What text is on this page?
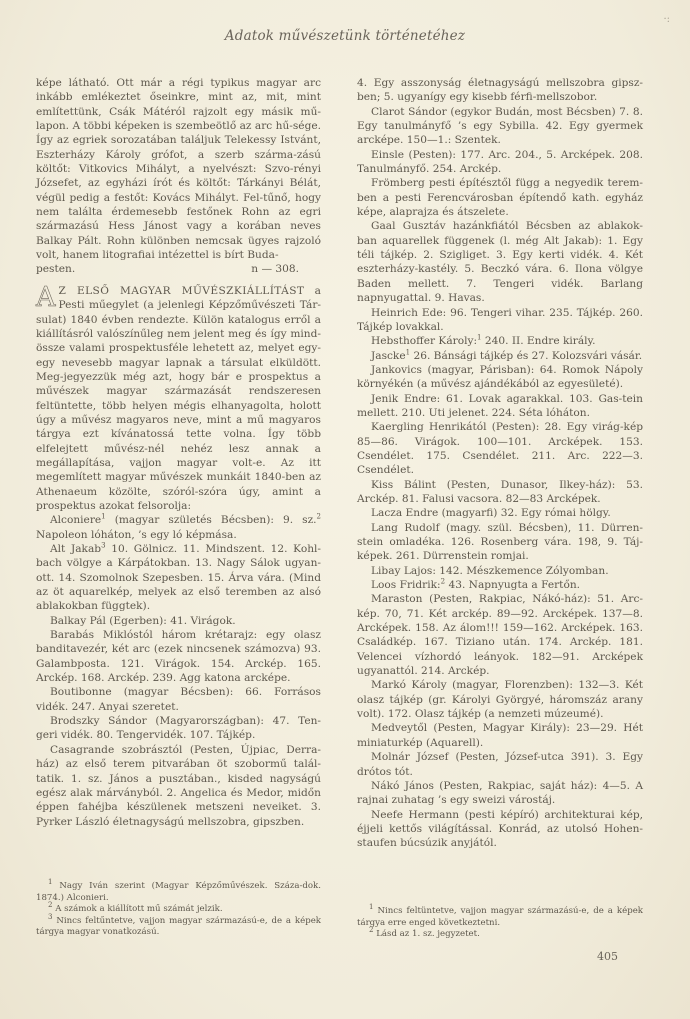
·:
Adatok művészetünk történetéhez

képe látható. Ott már a régi typikus magyar arc inkább emlékeztet őseinkre, mint az, mit, mint említettünk, Csák Mátéról rajzolt egy másik mű-lapon. A többi képeken is szembeötlő az arc hű-sége. Így az egriek sorozatában találjuk Telekessy Istvánt, Eszterházy Károly grófot, a szerb szárma-zású költőt: Vitkovics Mihályt, a nyelvészt: Szvo-rényi Józsefet, az egyházi írót és költőt: Tárkányi Bélát, végül pedig a festőt: Kovács Mihályt. Fel-tűnő, hogy nem találta érdemesebb festőnek Rohn az egri származású Hess Jánost vagy a korában neves Balkay Pált. Rohn különben nemcsak ügyes rajzoló volt, hanem litografiai intézettel is bírt Buda-

pesten.	n — 308.

A Z ELSŐ MAGYAR MŰVÉSZKIÁLLÍTÁST a Pesti műegylet (a jelenlegi Képzőművészeti Tár-sulat) 1840 évben rendezte. Külön katalogus erről a kiállításról valószínűleg nem jelent meg és így mind-össze valami prospektusféle lehetett az, melyet egy-egy nevesebb magyar lapnak a társulat elküldött. Meg-jegyezzük még azt, hogy bár e prospektus a művészek magyar származását rendszeresen feltüntette, több helyen mégis elhanyagolta, holott úgy a művész magyaros neve, mint a mű magyaros tárgya ezt kívánatossá tette volna. Így több elfelejtett művész-nél nehéz lesz annak a megállapítása, vajjon magyar volt-e. Az itt megemlített magyar művészek munkáit 1840-ben az Athenaeum közölte, szóról-szóra úgy, amint a prospektus azokat felsorolja:

Alconiere$^1$ (magyar születés Bécsben): 9. sz.$^2$ Napoleon lóháton, ’s egy ló képmása.

Alt Jakab$^3$ 10. Gölnicz. 11. Mindszent. 12. Kohl-bach völgye a Kárpátokban. 13. Nagy Sálok ugyan-ott. 14. Szomolnok Szepesben. 15. Árva vára. (Mind az öt aquarelkép, melyek az első teremben az alsó ablakokban függtek).

Balkay Pál (Egerben): 41. Virágok.

Barabás Miklóstól három krétarajz: egy olasz banditavezér, két arc (ezek nincsenek számozva) 93. Galambposta. 121. Virágok. 154. Arckép. 165. Arckép. 168. Arckép. 239. Agg katona arcképe.

Boutibonne (magyar Bécsben): 66. Forrásos vidék. 247. Anyai szeretet.

Brodszky Sándor (Magyarországban): 47. Ten-geri vidék. 80. Tengervidék. 107. Tájkép.

Casagrande szobrásztól (Pesten, Újpiac, Derra-ház) az első terem pitvarában öt szobormű talál-tatik. 1. sz. János a pusztában., kisded nagyságú egész alak márványból. 2. Angelica és Medor, midőn éppen fahéjba készülenek metszeni neveiket. 3. Pyrker László életnagyságú mellszobra, gipszben.

$^1$ Nagy Iván szerint (Magyar Képzőművészek. Száza-dok. 1874.) Alconieri.

$^2$ A számok a kiállított mű számát jelzik.

$^3$ Nincs feltűntetve, vajjon magyar származású-e, de a képek tárgya magyar vonatkozású.

4. Egy asszonyság életnagyságú mellszobra gipsz-ben; 5. ugyanígy egy kisebb férfi-mellszobor.

Clarot Sándor (egykor Budán, most Bécsben) 7. 8. Egy tanulmányfő ’s egy Sybilla. 42. Egy gyermek arcképe. 150—1.: Szentek.

Einsle (Pesten): 177. Arc. 204., 5. Arcképek. 208. Tanulmányfő. 254. Arckép.

Frömberg pesti építésztől függ a negyedik terem-ben a pesti Ferencvárosban építendő kath. egyház képe, alaprajza és átszelete.

Gaal Gusztáv hazánkfiától Bécsben az ablakok-ban aquarellek függenek (l. még Alt Jakab): 1. Egy téli tájkép. 2. Szigliget. 3. Egy kerti vidék. 4. Két eszterházy-kastély. 5. Beczkó vára. 6. Ilona völgye Baden mellett. 7. Tengeri vidék. Barlang napnyugattal. 9. Havas.

Heinrich Ede: 96. Tengeri vihar. 235. Tájkép. 260. Tájkép lovakkal.

Hebsthoffer Károly:$^1$ 240. II. Endre király.

Jascke$^1$ 26. Bánsági tájkép és 27. Kolozsvári vásár.

Jankovics (magyar, Párisban): 64. Romok Nápoly környékén (a művész ajándékából az egyesületé).

Jenik Endre: 61. Lovak agarakkal. 103. Gas-tein mellett. 210. Uti jelenet. 224. Séta lóháton.

Kaergling Henrikától (Pesten): 28. Egy virág-kép 85—86. Virágok. 100—101. Arcképek. 153. Csendélet. 175. Csendélet. 211. Arc. 222—3. Csendélet.

Kiss Bálint (Pesten, Dunasor, Ilkey-ház): 53. Arckép. 81. Falusi vacsora. 82—83 Arcképek.

Lacza Endre (magyarfi) 32. Egy római hölgy.

Lang Rudolf (magy. szül. Bécsben), 11. Dürren-stein omladéka. 126. Rosenberg vára. 198, 9. Táj-képek. 261. Dürrenstein romjai.

Libay Lajos: 142. Mészkemence Zólyomban.

Loos Fridrik:$^2$ 43. Napnyugta a Fertőn.

Maraston (Pesten, Rakpiac, Nákó-ház): 51. Arc-kép. 70, 71. Két arckép. 89—92. Arcképek. 137—8. Arcképek. 158. Az álom!!! 159—162. Arcképek. 163. Családkép. 167. Tiziano után. 174. Arckép. 181. Velencei vízhordó leányok. 182—91. Arcképek ugyanattól. 214. Arckép.

Markó Károly (magyar, Florenzben): 132—3. Két olasz tájkép (gr. Károlyi Györgyé, háromszáz arany volt). 172. Olasz tájkép (a nemzeti múzeumé).

Medveytől (Pesten, Magyar Király): 23—29. Hét miniaturkép (Aquarell).

Molnár József (Pesten, József-utca 391). 3. Egy drótos tót.

Nákó János (Pesten, Rakpiac, saját ház): 4—5. A rajnai zuhatag ’s egy sweizi várostáj.

Neefe Hermann (pesti képíró) architekturai kép, éjjeli kettős világítással. Konrád, az utolsó Hohen-staufen búcsúzik anyjától.

$^1$ Nincs feltüntetve, vajjon magyar származású-e, de a képek tárgya erre enged következtetni.

$^2$ Lásd az 1. sz. jegyzetet.

405
